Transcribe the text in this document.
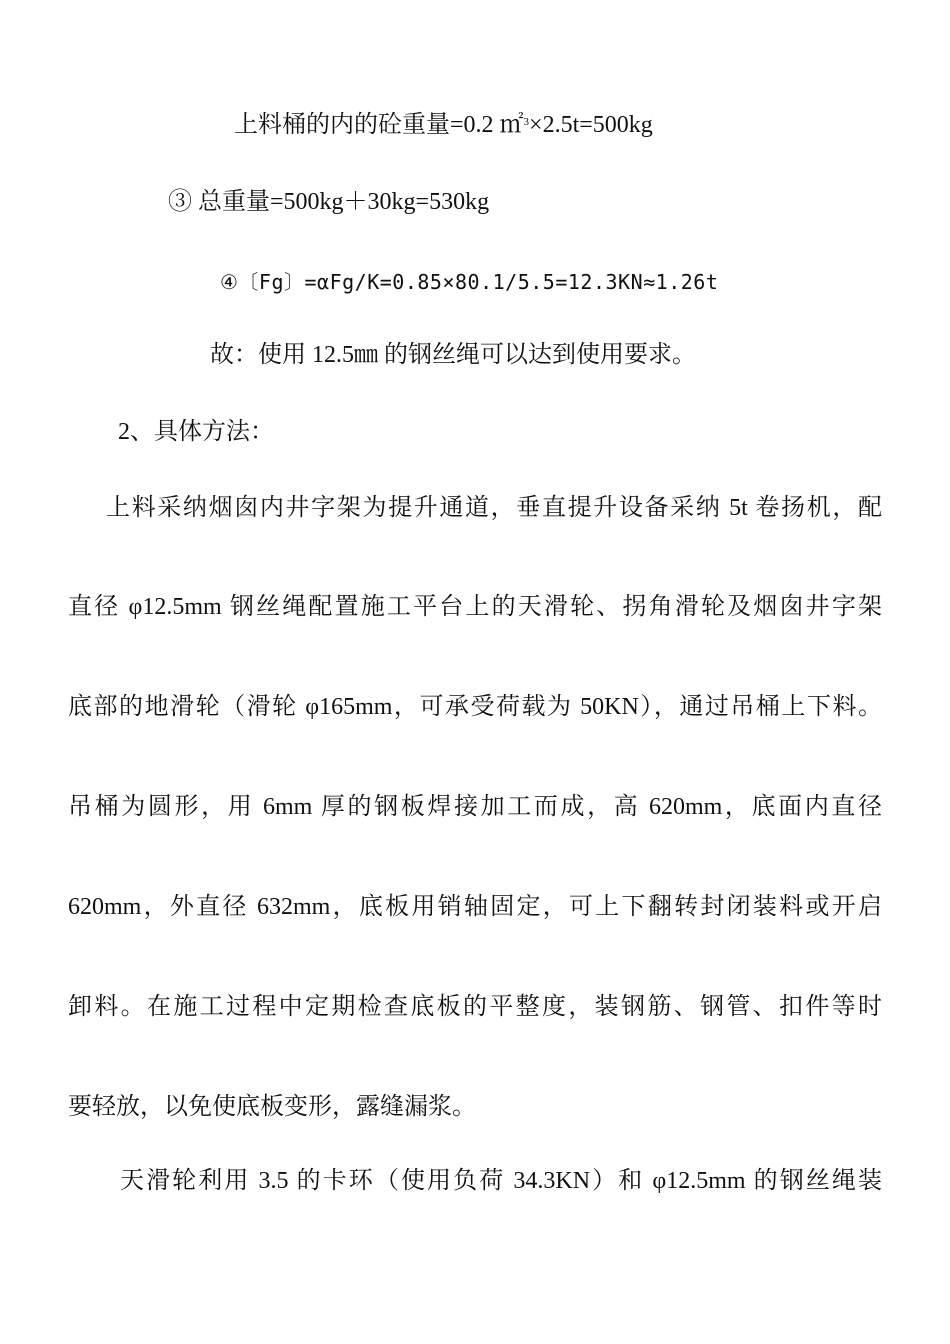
上料桶的内的砼重量=0.2 ㎡$^3$×2.5t=500kg
③ 总重量=500kg＋30kg=530kg
④〔Fg〕=αFg/K=0.85×80.1/5.5=12.3KN≈1.26t
故：使用 12.5㎜ 的钢丝绳可以达到使用要求。
2、具体方法：
上料采纳烟囱内井字架为提升通道，垂直提升设备采纳 5t 卷扬机，配
直径 φ12.5mm 钢丝绳配置施工平台上的天滑轮、拐角滑轮及烟囱井字架
底部的地滑轮（滑轮 φ165mm，可承受荷载为 50KN），通过吊桶上下料。
吊桶为圆形，用 6mm 厚的钢板焊接加工而成，高 620mm，底面内直径
620mm，外直径 632mm，底板用销轴固定，可上下翻转封闭装料或开启
卸料。在施工过程中定期检查底板的平整度，装钢筋、钢管、扣件等时
要轻放，以免使底板变形，露缝漏浆。
天滑轮利用 3.5 的卡环（使用负荷 34.3KN）和 φ12.5mm 的钢丝绳装
